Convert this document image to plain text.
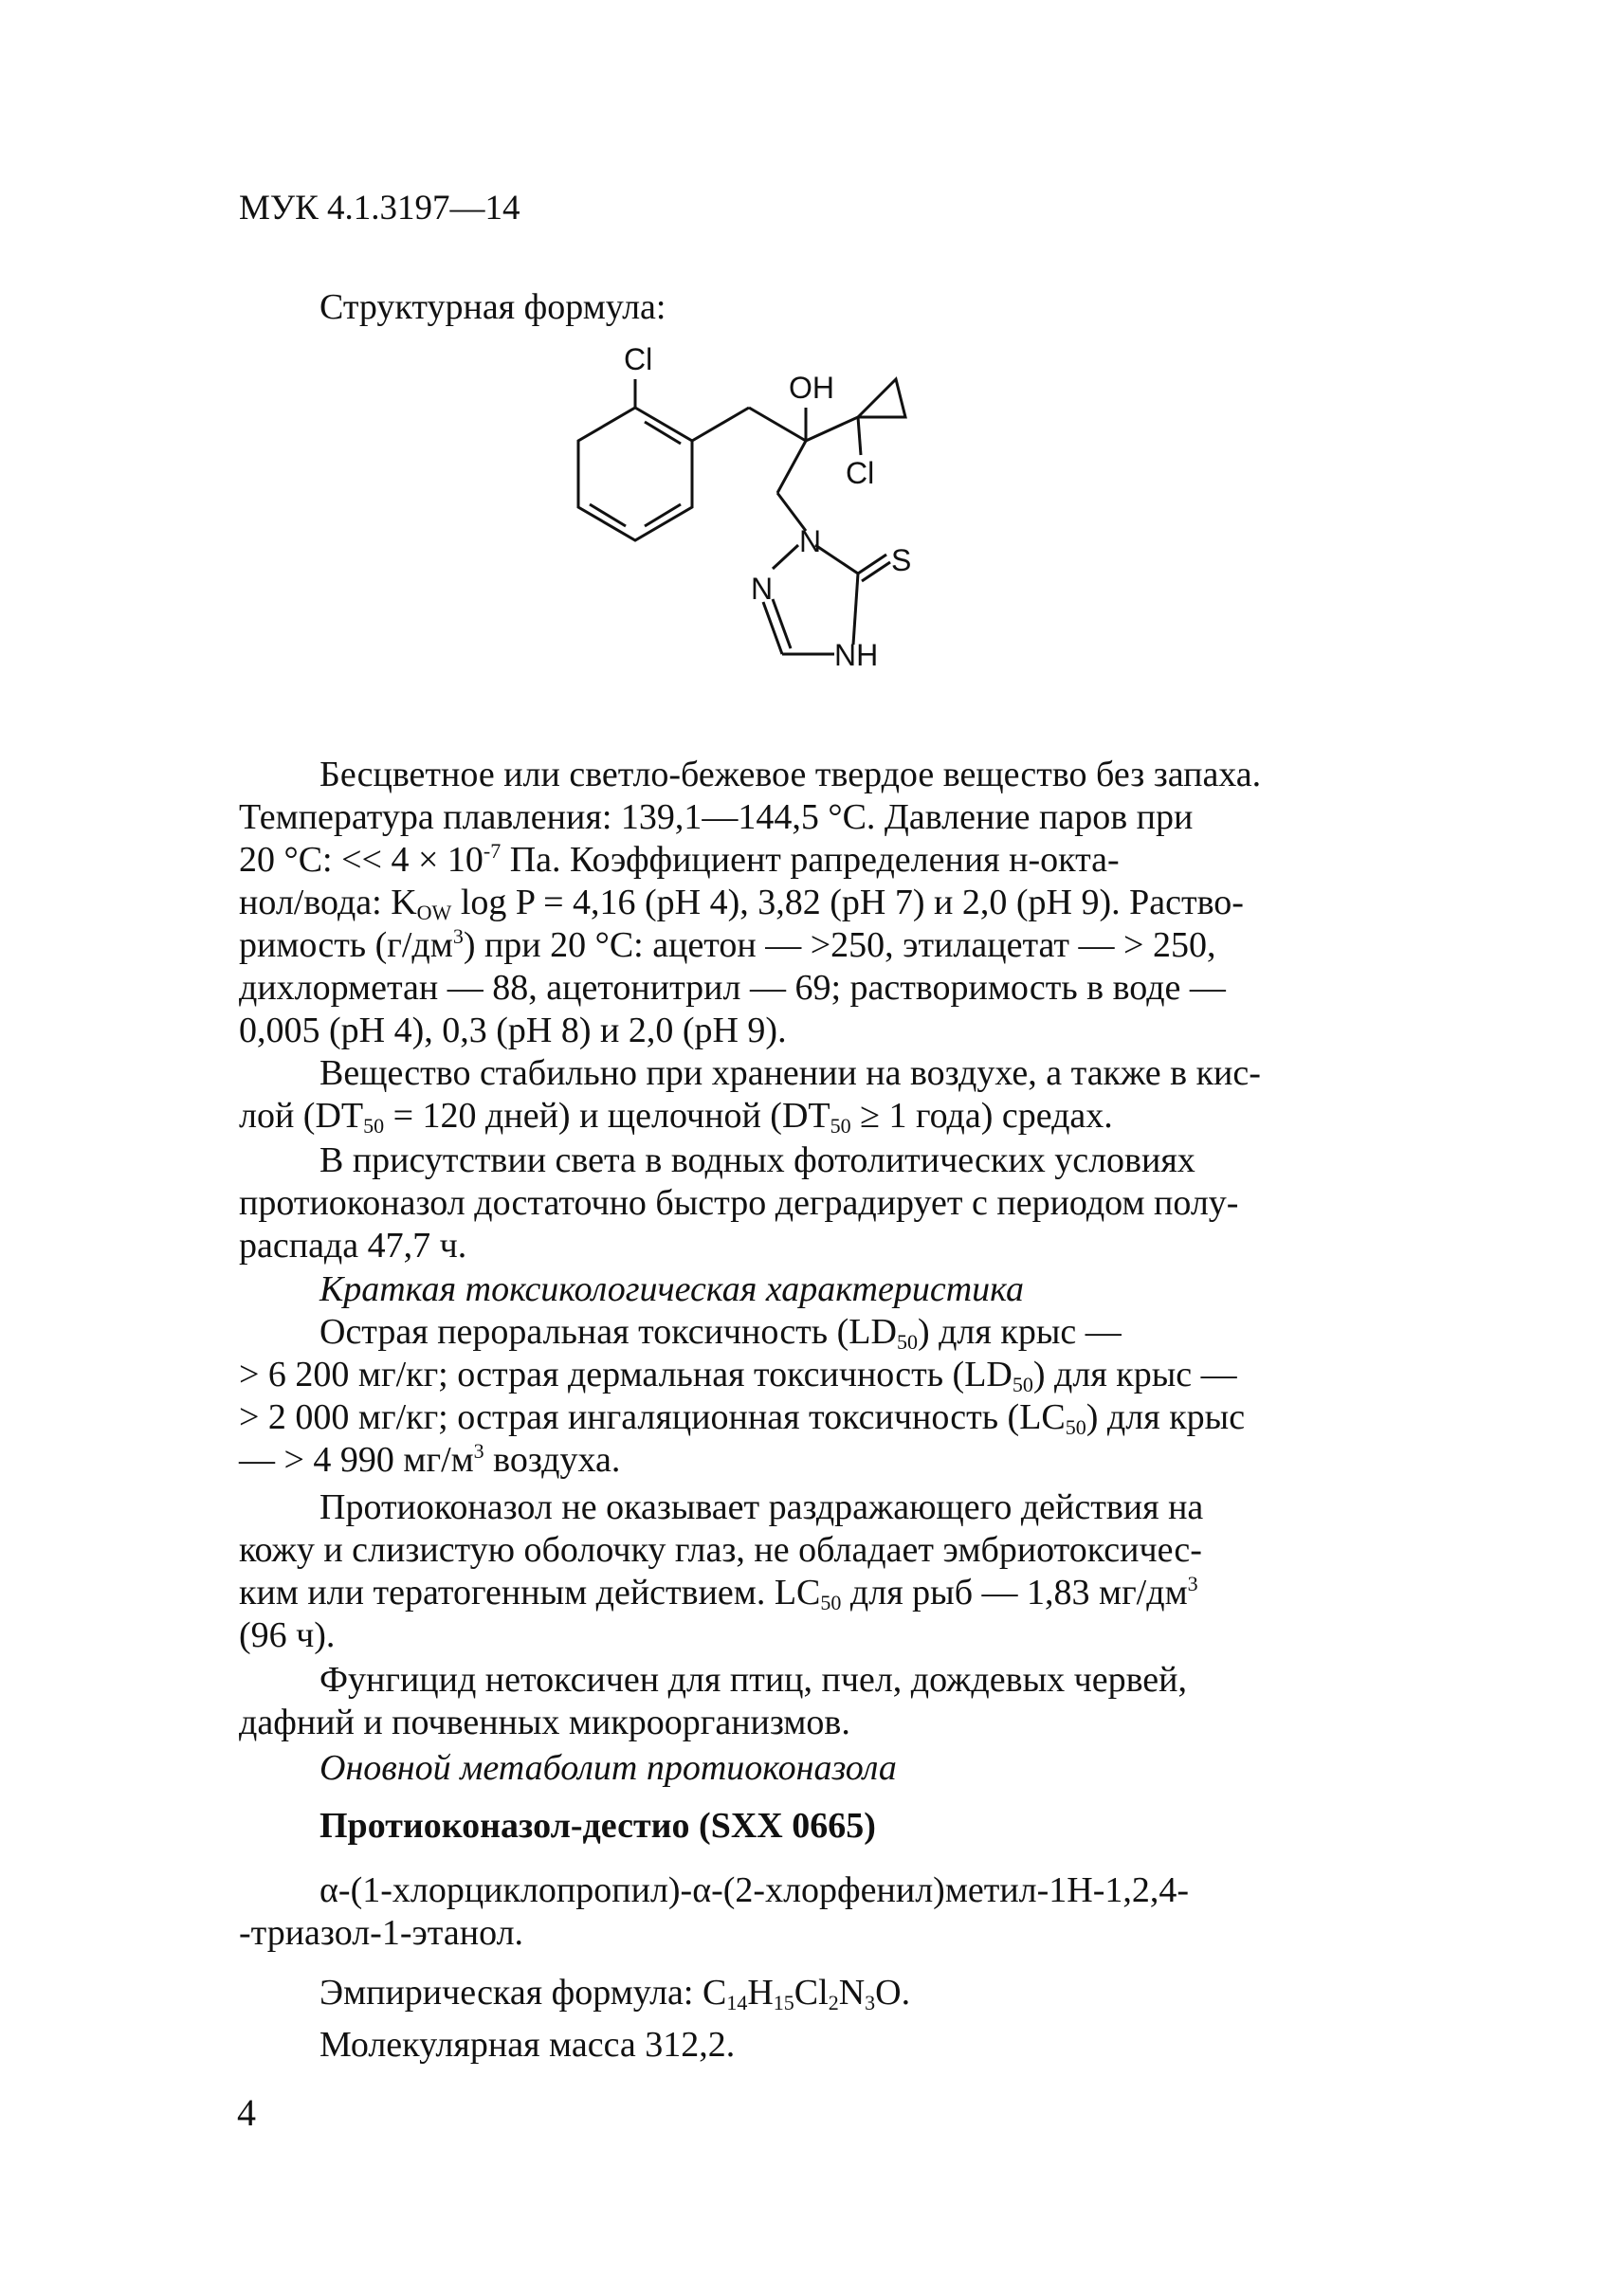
МУК 4.1.3197—14
Структурная формула:
Cl
OH
Cl
N
N
S
NH
Бесцветное или светло-бежевое твердое вещество без запаха.
Температура плавления: 139,1—144,5 °С. Давление паров при
20 °С: << $4 \times 10^{-7}$ Па. Коэффициент рапределения н-окта-
нол/вода: $K_{OW}$ log P = 4,16 (pH 4), 3,82 (pH 7) и 2,0 (pH 9). Раство-
римость $(г/дм^3)$ при 20 °С: ацетон — >250, этилацетат — > 250,
дихлорметан — 88, ацетонитрил — 69; растворимость в воде —
0,005 (pH 4), 0,3 (pH 8) и 2,0 (pH 9).
Вещество стабильно при хранении на воздухе, а также в кис-
лой ($DT_{50} = 120$ дней) и щелочной ($DT_{50} \ge 1$ года) средах.
В присутствии света в водных фотолитических условиях
протиоконазол достаточно быстро деградирует с периодом полу-
распада 47,7 ч.
Краткая токсикологическая характеристика
Острая пероральная токсичность $(LD_{50})$ для крыс —
> 6 200 мг/кг; острая дермальная токсичность $(LD_{50})$ для крыс —
> 2 000 мг/кг; острая ингаляционная токсичность $(LC_{50})$ для крыс
— > 4 990 $мг/м^3$ воздуха.
Протиоконазол не оказывает раздражающего действия на
кожу и слизистую оболочку глаз, не обладает эмбриотоксичес-
ким или тератогенным действием. $LC_{50}$ для рыб — 1,83 $мг/дм^3$
(96 ч).
Фунгицид нетоксичен для птиц, пчел, дождевых червей,
дафний и почвенных микроорганизмов.
Оновной метаболит протиоконазола
Протиоконазол-дестио (SXX 0665)
α-(1-хлорциклопропил)-α-(2-хлорфенил)метил-1H-1,2,4-
-триазол-1-этанол.
Эмпирическая формула: $C_{14}H_{15}Cl_2N_3O$.
Молекулярная масса 312,2.
4
